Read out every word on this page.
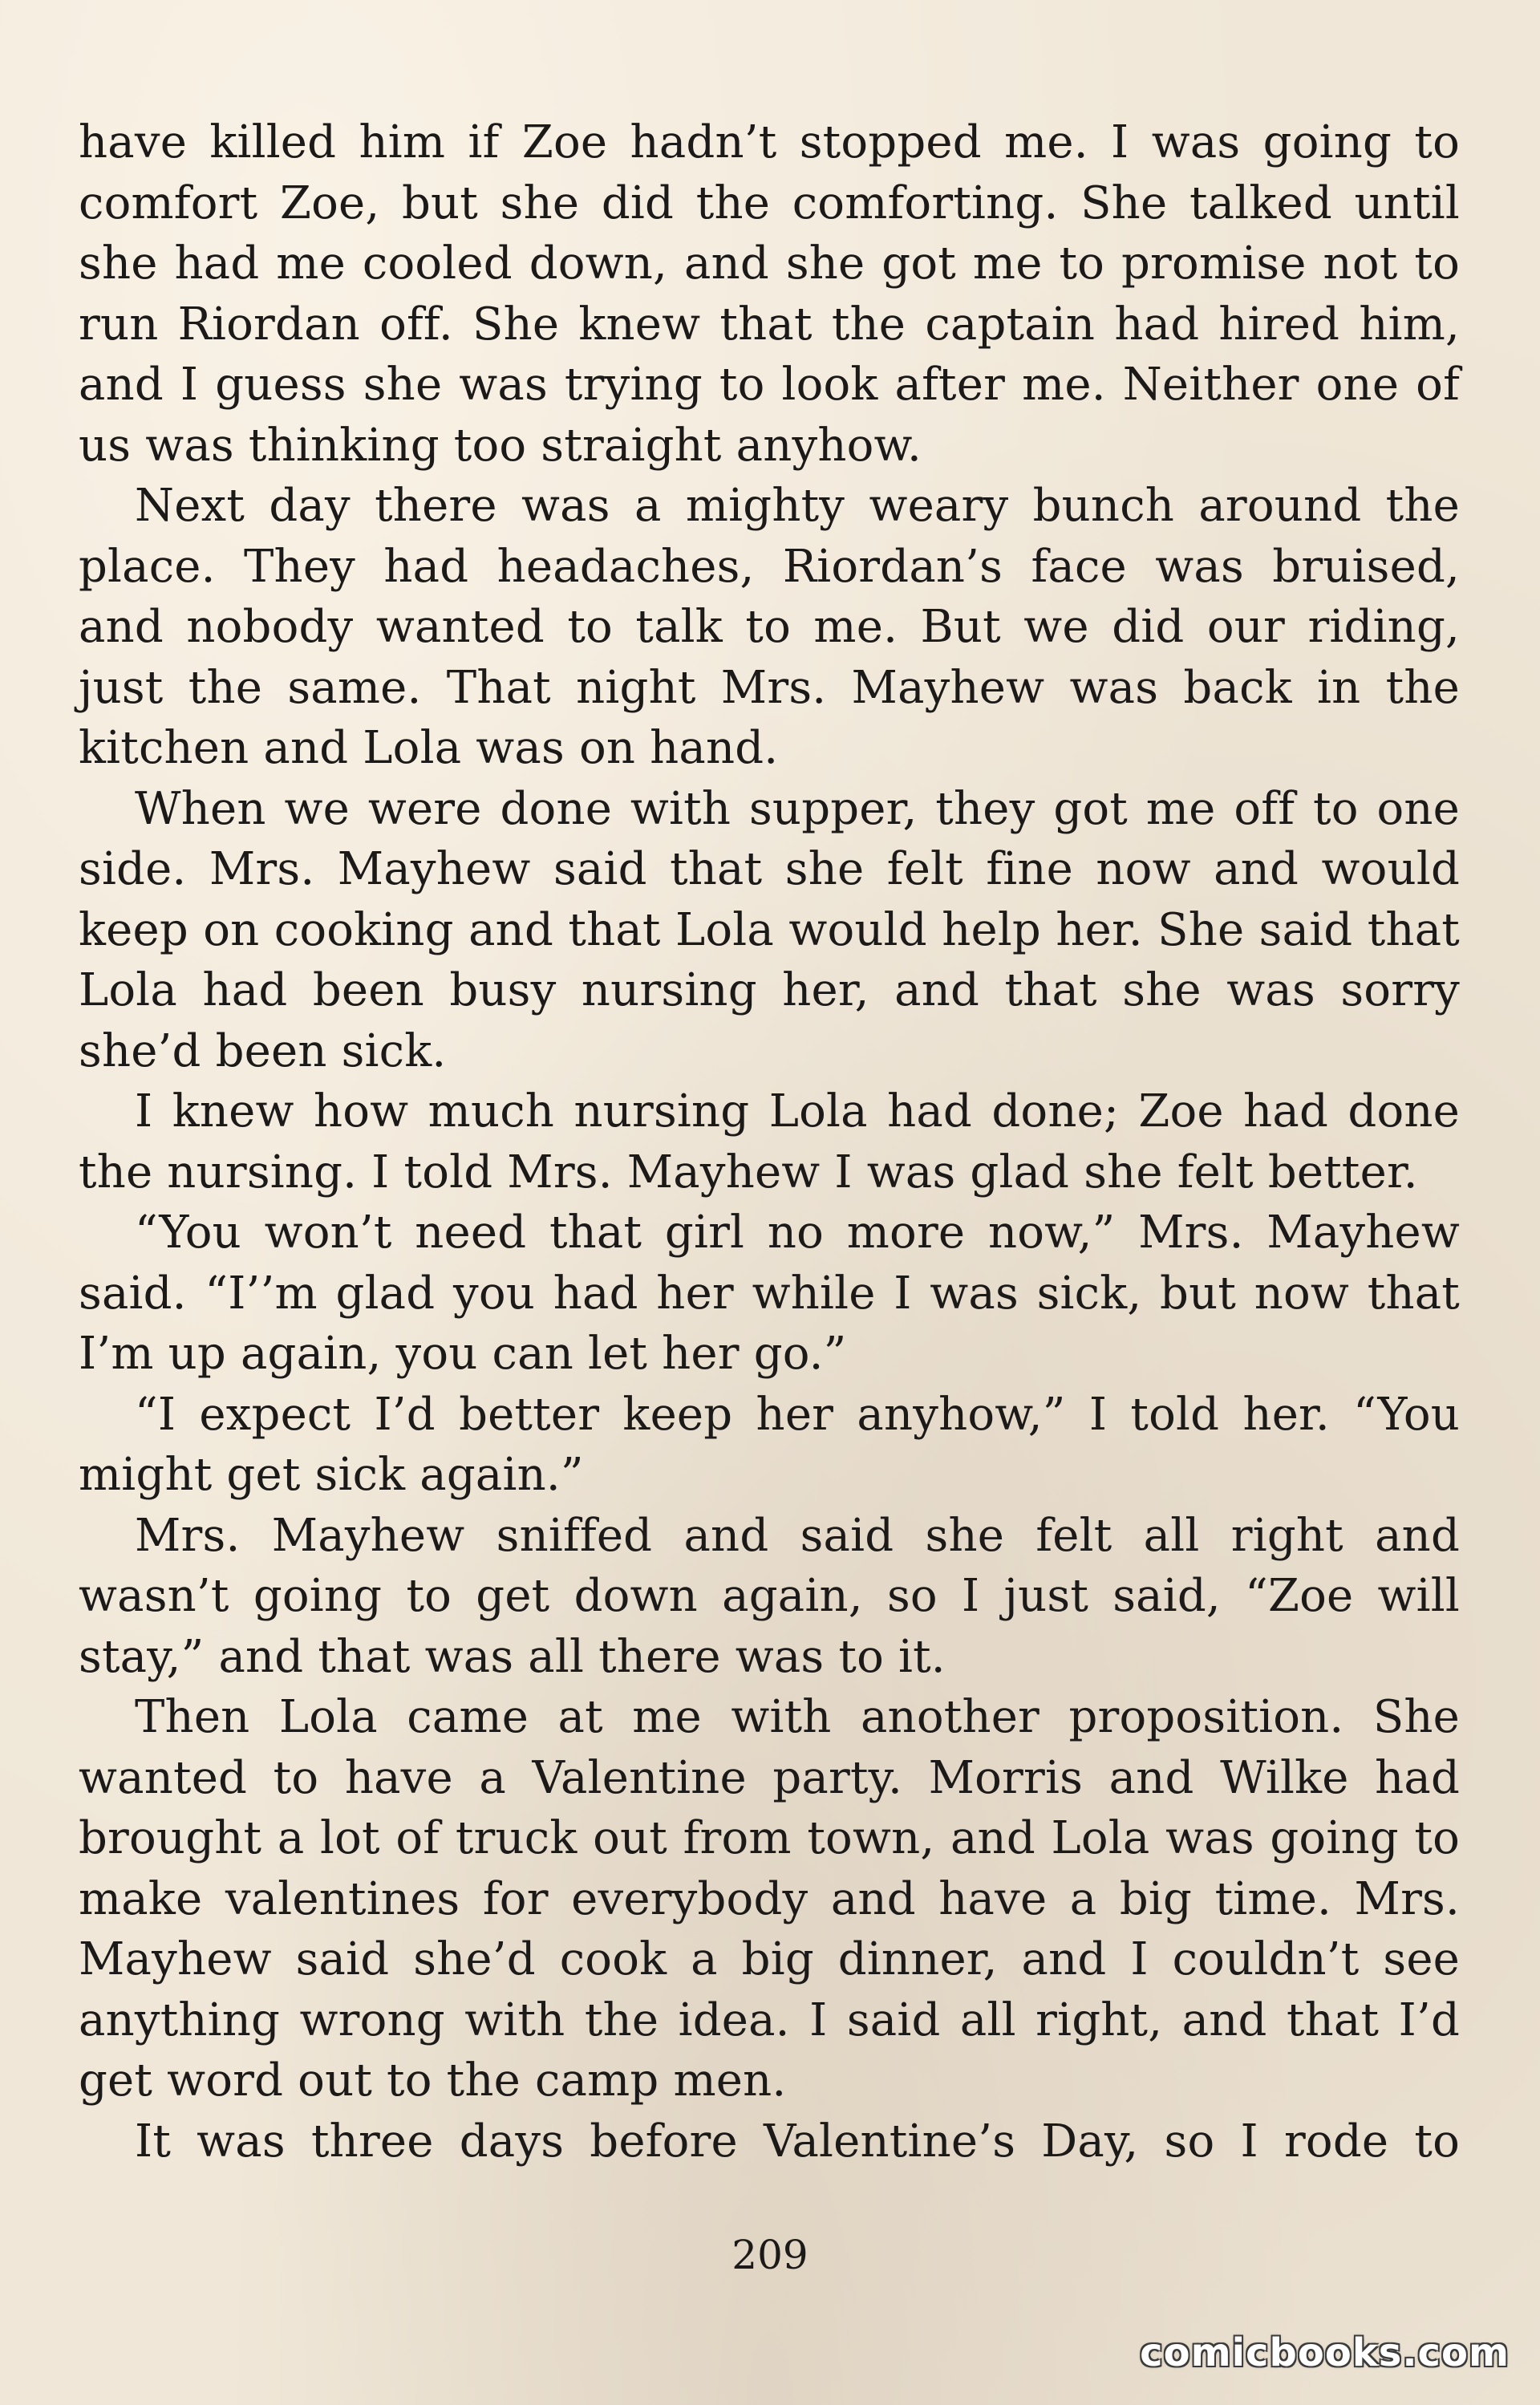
have killed him if Zoe hadn’t stopped me. I was going to comfort Zoe, but she did the comforting. She talked until she had me cooled down, and she got me to promise not to run Riordan off. She knew that the captain had hired him, and I guess she was trying to look after me. Neither one of us was thinking too straight anyhow.

Next day there was a mighty weary bunch around the place. They had headaches, Riordan’s face was bruised, and nobody wanted to talk to me. But we did our riding, just the same. That night Mrs. Mayhew was back in the kitchen and Lola was on hand.

When we were done with supper, they got me off to one side. Mrs. Mayhew said that she felt fine now and would keep on cooking and that Lola would help her. She said that Lola had been busy nursing her, and that she was sorry she’d been sick.

I knew how much nursing Lola had done; Zoe had done the nursing. I told Mrs. Mayhew I was glad she felt better.

“You won’t need that girl no more now,” Mrs. Mayhew said. “I’’m glad you had her while I was sick, but now that I’m up again, you can let her go.”

“I expect I’d better keep her anyhow,” I told her. “You might get sick again.”

Mrs. Mayhew sniffed and said she felt all right and wasn’t going to get down again, so I just said, “Zoe will stay,” and that was all there was to it.

Then Lola came at me with another proposition. She wanted to have a Valentine party. Morris and Wilke had brought a lot of truck out from town, and Lola was going to make valentines for everybody and have a big time. Mrs. Mayhew said she’d cook a big dinner, and I couldn’t see anything wrong with the idea. I said all right, and that I’d get word out to the camp men.

It was three days before Valentine’s Day, so I rode to

209
comicbooks.com
